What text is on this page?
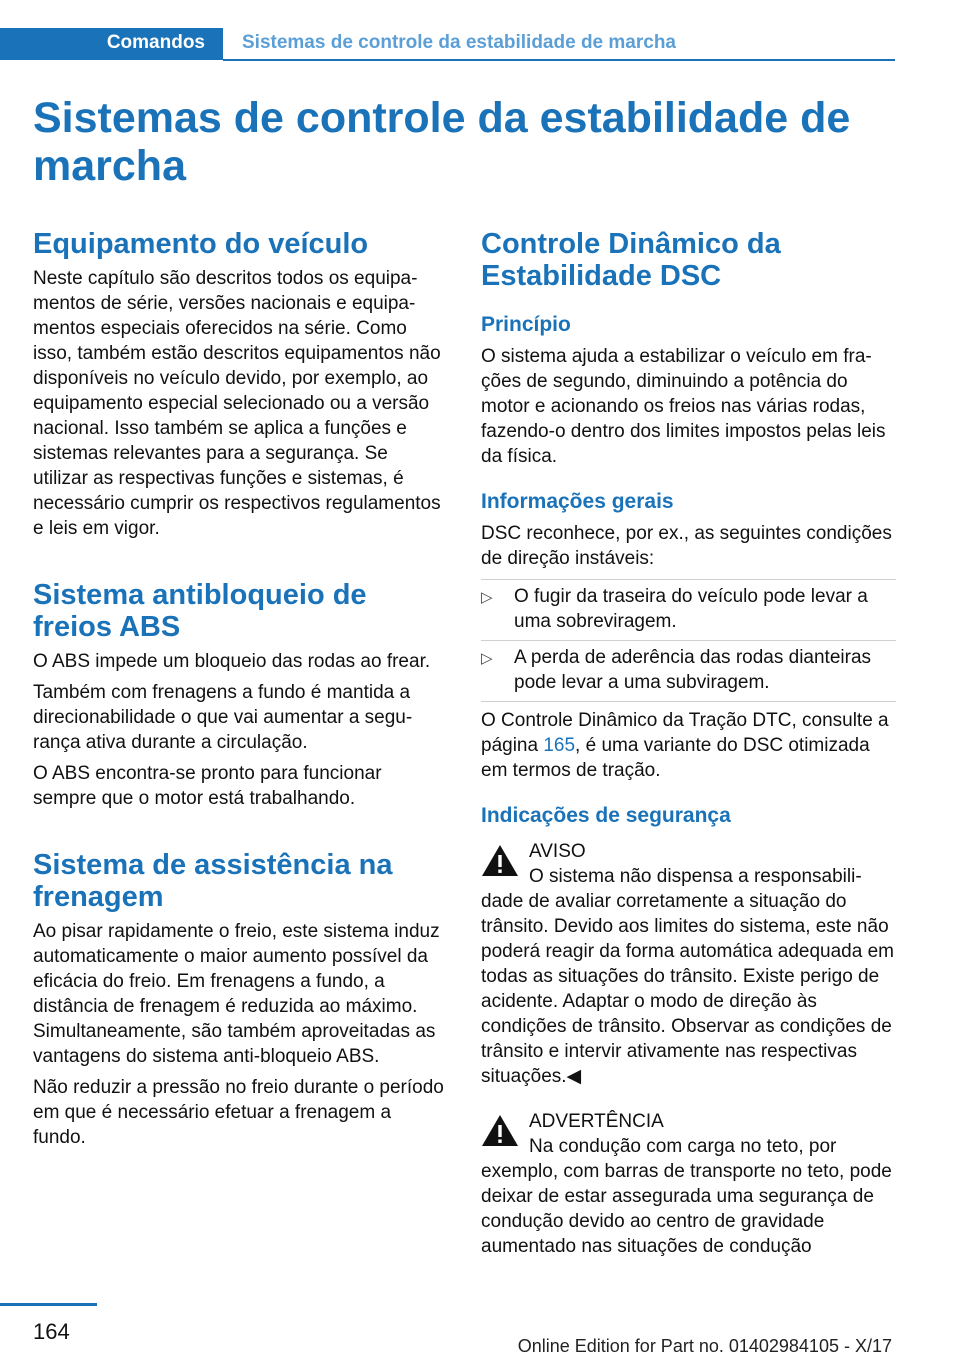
Comandos Sistemas de controle da estabilidade de marcha
Sistemas de controle da estabilidade de marcha
Equipamento do veículo

Neste capítulo são descritos todos os equipamentos de série, versões nacionais e equipamentos especiais oferecidos na série. Como isso, também estão descritos equipamentos não disponíveis no veículo devido, por exemplo, ao equipamento especial selecionado ou a versão nacional. Isso também se aplica a funções e sistemas relevantes para a segurança. Se utilizar as respectivas funções e sistemas, é necessário cumprir os respectivos regulamentos e leis em vigor.

Sistema antibloqueio de freios ABS

O ABS impede um bloqueio das rodas ao frear.

Também com frenagens a fundo é mantida a direcionabilidade o que vai aumentar a segurança ativa durante a circulação.

O ABS encontra-se pronto para funcionar sempre que o motor está trabalhando.

Sistema de assistência na frenagem

Ao pisar rapidamente o freio, este sistema induz automaticamente o maior aumento possível da eficácia do freio. Em frenagens a fundo, a distância de frenagem é reduzida ao máximo. Simultaneamente, são também aproveitadas as vantagens do sistema anti-bloqueio ABS.

Não reduzir a pressão no freio durante o período em que é necessário efetuar a frenagem a fundo.

Controle Dinâmico da Estabilidade DSC
Princípio

O sistema ajuda a estabilizar o veículo em frações de segundo, diminuindo a potência do motor e acionando os freios nas várias rodas, fazendo-o dentro dos limites impostos pelas leis da física.

Informações gerais

DSC reconhece, por ex., as seguintes condições de direção instáveis:

▷ O fugir da traseira do veículo pode levar a uma sobreviragem.
▷ A perda de aderência das rodas dianteiras pode levar a uma subviragem.

O Controle Dinâmico da Tração DTC, consulte a página 165, é uma variante do DSC otimizada em termos de tração.

Indicações de segurança

AVISO

O sistema não dispensa a responsabilidade de avaliar corretamente a situação do trânsito. Devido aos limites do sistema, este não poderá reagir da forma automática adequada em todas as situações do trânsito. Existe perigo de acidente. Adaptar o modo de direção às condições de trânsito. Observar as condições de trânsito e intervir ativamente nas respectivas situações.◀

ADVERTÊNCIA

Na condução com carga no teto, por exemplo, com barras de transporte no teto, pode deixar de estar assegurada uma segurança de condução devido ao centro de gravidade aumentado nas situações de condução

164
Online Edition for Part no. 01402984105 - X/17
